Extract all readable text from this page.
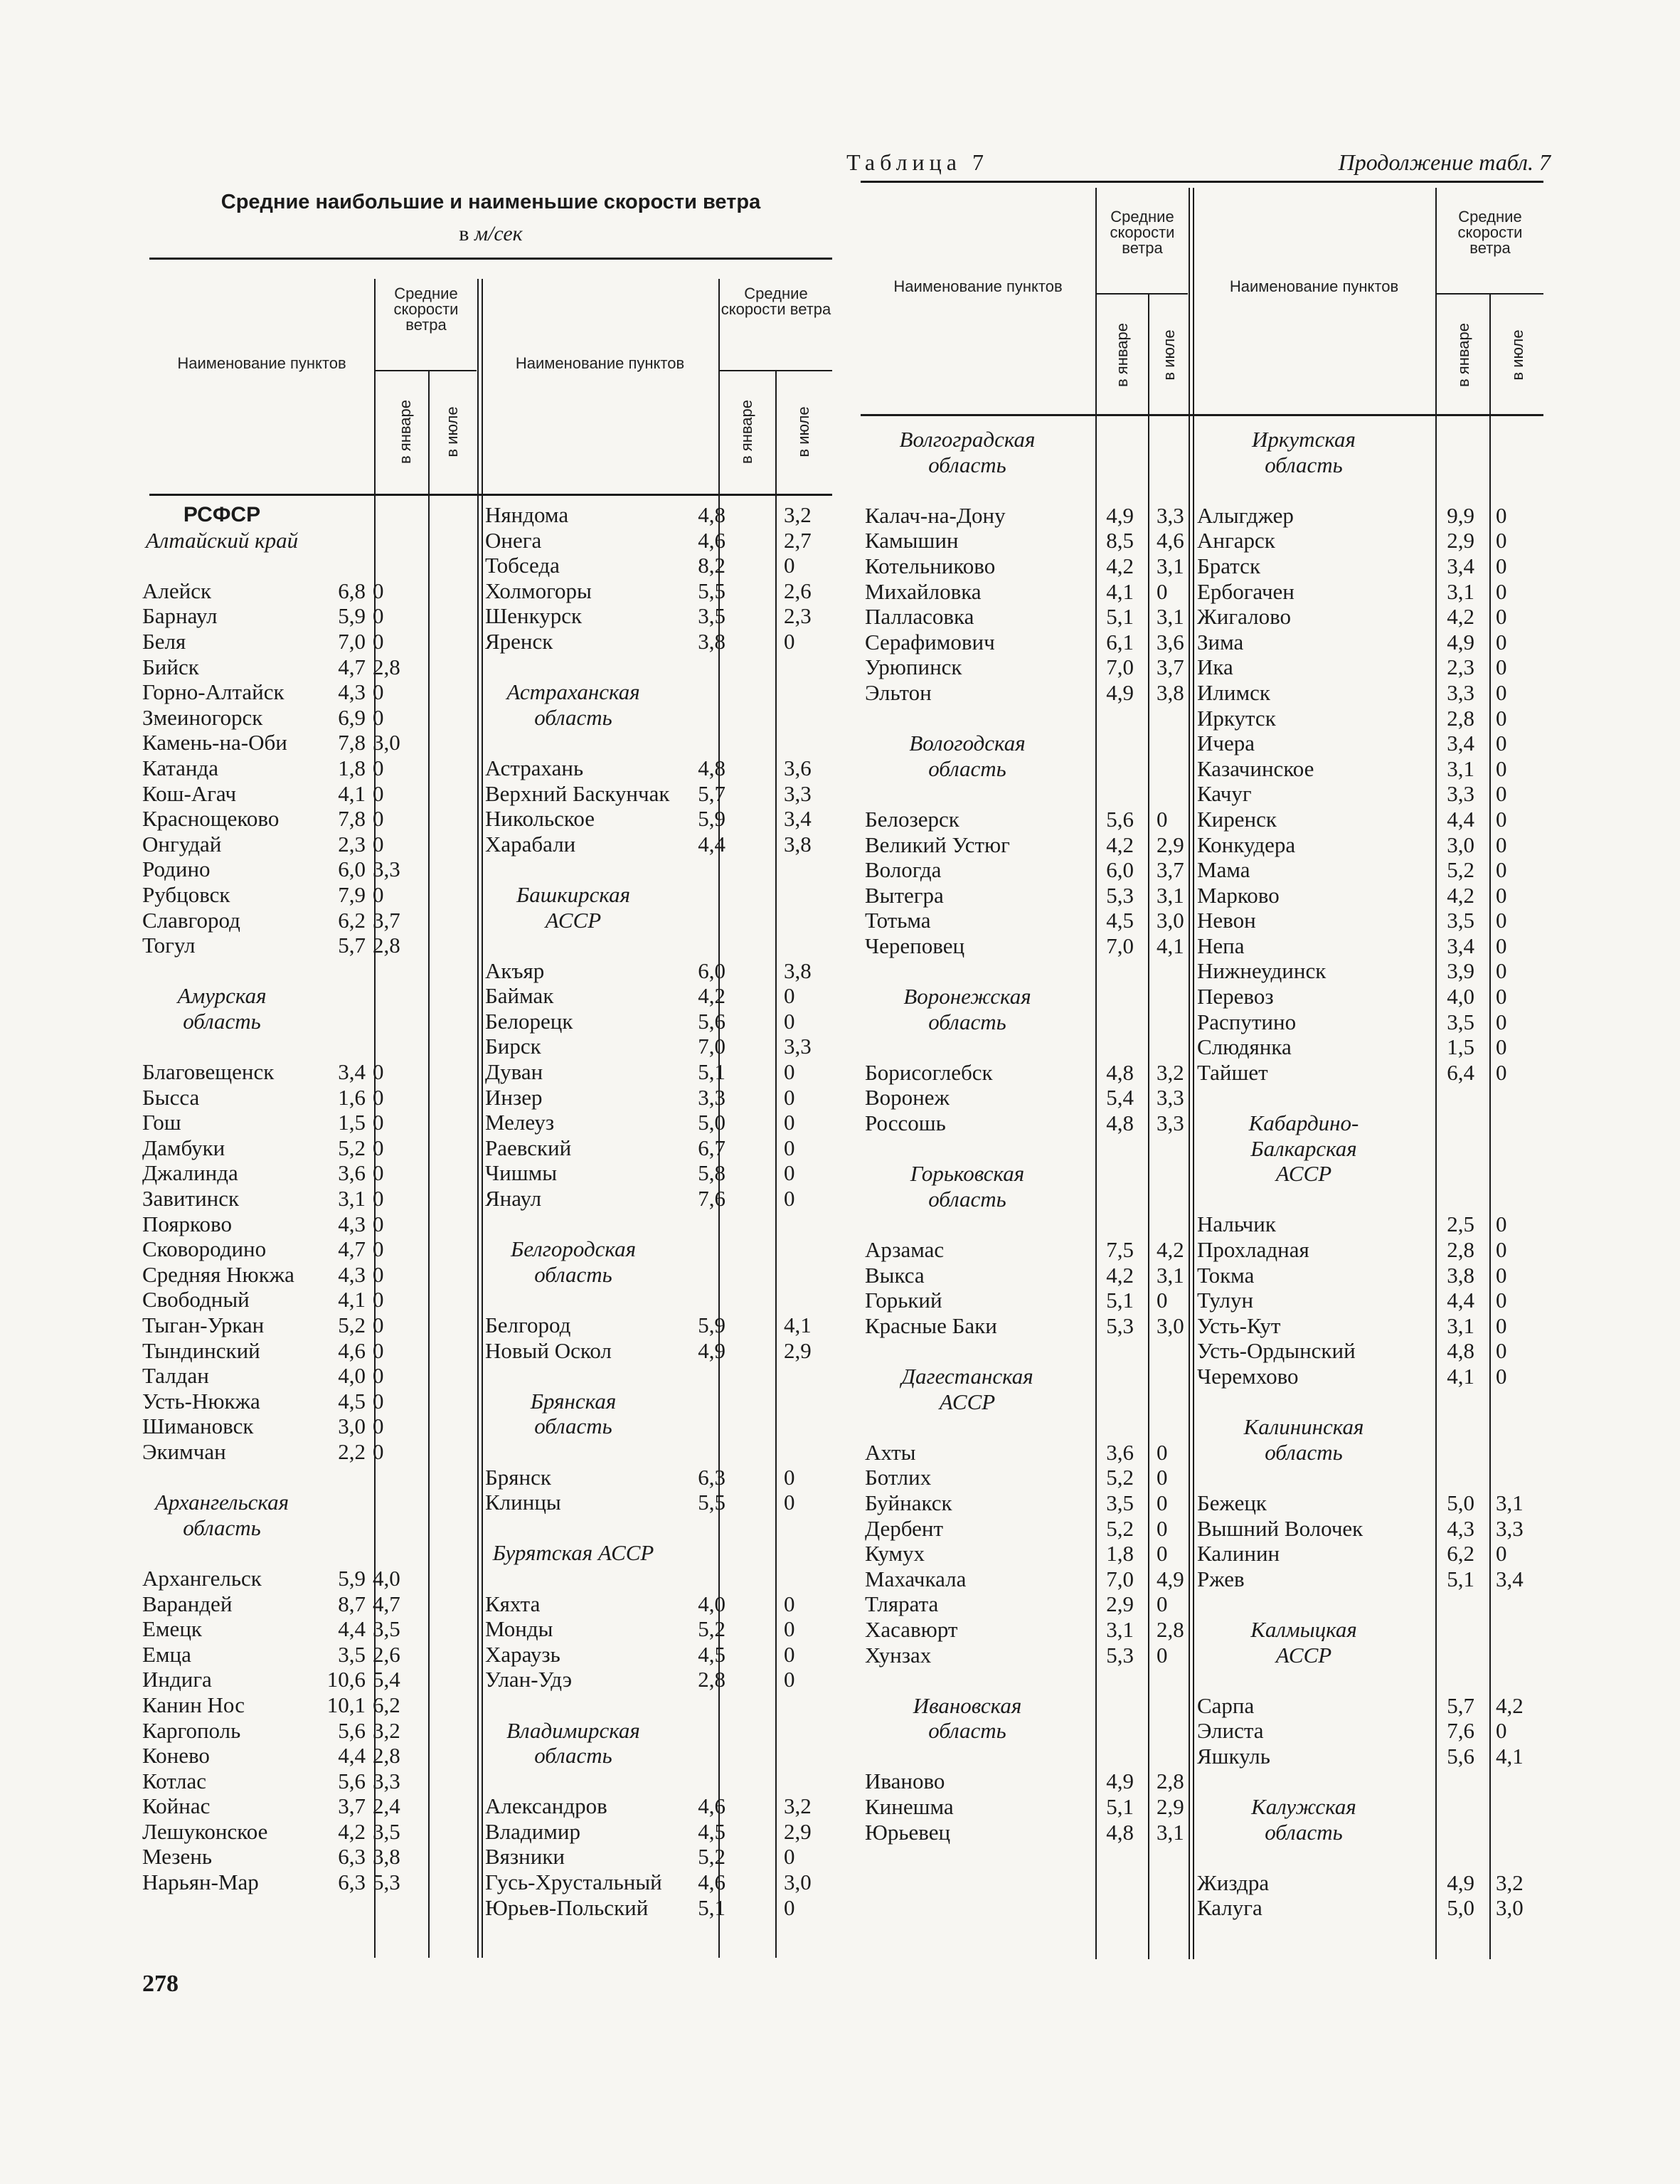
Таблица 7
Средние наибольшие и наименьшие скорости ветра
в м/сек
Продолжение табл. 7
Наименование пунктов
Средние скорости ветра
в январе в июле
Наименование пунктов
Средние скорости ветра
в январе	в июле
РСФСР
Алтайский край
Алейск	6,8 0
Барнаул	5,9 0
Беля	7,0 0
Бийск	4,7 2,8
Горно-Алтайск	4,3 0
Змеиногорск	6,9 0
Камень-на-Оби	7,8 3,0
Катанда	1,8 0
Кош-Агач	4,1 0
Краснощеково	7,8 0
Онгудай	2,3 0
Родино	6,0 3,3
Рубцовск	7,9 0
Славгород	6,2 3,7
Тогул	5,7 2,8
Амурская
область
Благовещенск	3,4 0
Бысса	1,6 0
Гош	1,5 0
Дамбуки	5,2 0
Джалинда	3,6 0
Завитинск	3,1 0
Поярково	4,3 0
Сковородино	4,7 0
Средняя Нюкжа	4,3 0
Свободный	4,1 0
Тыган-Уркан	5,2 0
Тындинский	4,6 0
Талдан	4,0 0
Усть-Нюкжа	4,5 0
Шимановск	3,0 0
Экимчан	2,2 0
Архангельская
область
Архангельск	5,9 4,0
Варандей	8,7 4,7
Емецк	4,4 3,5
Емца	3,5 2,6
Индига	10,6 5,4
Канин Нос	10,1 6,2
Каргополь	5,6 3,2
Конево	4,4 2,8
Котлас	5,6 3,3
Койнас	3,7 2,4
Лешуконское	4,2 3,5
Мезень	6,3 3,8
Нарьян-Мар	6,3 5,3
Няндома	4,8	3,2
Онега	4,6	2,7
Тобседа	8,2	0
Холмогоры	5,5	2,6
Шенкурск	3,5	2,3
Яренск	3,8	0
Астраханская
область
Астрахань	4,8	3,6
Верхний Баскунчак	5,7	3,3
Никольское	5,9	3,4
Харабали	4,4	3,8
Башкирская
АССР
Акъяр	6,0	3,8
Баймак	4,2	0
Белорецк	5,6	0
Бирск	7,0	3,3
Дуван	5,1	0
Инзер	3,3	0
Мелеуз	5,0	0
Раевский	6,7	0
Чишмы	5,8	0
Янаул	7,6	0
Белгородская
область
Белгород	5,9	4,1
Новый Оскол	4,9	2,9
Брянская
область
Брянск	6,3	0
Клинцы	5,5	0
Бурятская АССР
Кяхта	4,0	0
Монды	5,2	0
Хараузь	4,5	0
Улан-Удэ	2,8	0
Владимирская
область
Александров	4,6	3,2
Владимир	4,5	2,9
Вязники	5,2	0
Гусь-Хрустальный	4,6	3,0
Юрьев-Польский	5,1	0
Наименование пунктов
Средние скорости ветра
в январе в июле
Наименование пунктов
Средние скорости ветра
в январе в июле
Волгоградская
область
Калач-на-Дону	4,9 3,3
Камышин	8,5 4,6
Котельниково	4,2 3,1
Михайловка	4,1 0
Палласовка	5,1 3,1
Серафимович	6,1 3,6
Урюпинск	7,0 3,7
Эльтон	4,9 3,8
Вологодская
область
Белозерск	5,6 0
Великий Устюг	4,2 2,9
Вологда	6,0 3,7
Вытегра	5,3 3,1
Тотьма	4,5 3,0
Череповец	7,0 4,1
Воронежская
область
Борисоглебск	4,8 3,2
Воронеж	5,4 3,3
Россошь	4,8 3,3
Горьковская
область
Арзамас	7,5 4,2
Выкса	4,2 3,1
Горький	5,1 0
Красные Баки	5,3 3,0
Дагестанская
АССР
Ахты	3,6 0
Ботлих	5,2 0
Буйнакск	3,5 0
Дербент	5,2 0
Кумух	1,8 0
Махачкала	7,0 4,9
Тлярата	2,9 0
Хасавюрт	3,1 2,8
Хунзах	5,3 0
Ивановская
область
Иваново	4,9 2,8
Кинешма	5,1 2,9
Юрьевец	4,8 3,1
Иркутская
область
Алыгджер	9,9 0
Ангарск	2,9 0
Братск	3,4 0
Ербогачен	3,1 0
Жигалово	4,2 0
Зима	4,9 0
Ика	2,3 0
Илимск	3,3 0
Иркутск	2,8 0
Ичера	3,4 0
Казачинское	3,1 0
Качуг	3,3 0
Киренск	4,4 0
Конкудера	3,0 0
Мама	5,2 0
Марково	4,2 0
Невон	3,5 0
Непа	3,4 0
Нижнеудинск	3,9 0
Перевоз	4,0 0
Распутино	3,5 0
Слюдянка	1,5 0
Тайшет	6,4 0
Кабардино-
Балкарская
АССР
Нальчик	2,5 0
Прохладная	2,8 0
Токма	3,8 0
Тулун	4,4 0
Усть-Кут	3,1 0
Усть-Ордынский	4,8 0
Черемхово	4,1 0
Калининская
область
Бежецк	5,0 3,1
Вышний Волочек	4,3 3,3
Калинин	6,2 0
Ржев	5,1 3,4
Калмыцкая
АССР
Сарпа	5,7 4,2
Элиста	7,6 0
Яшкуль	5,6 4,1
Калужская
область
Жиздра	4,9 3,2
Калуга	5,0 3,0
278
